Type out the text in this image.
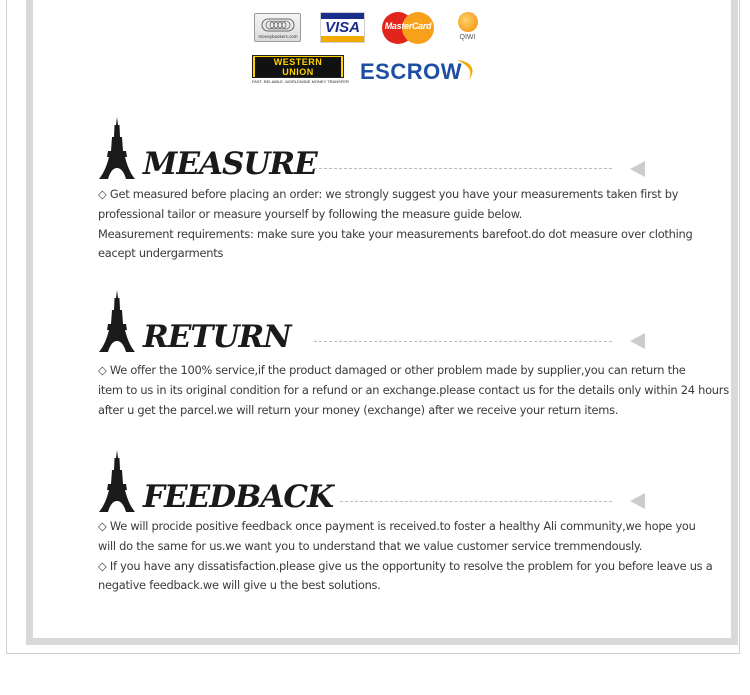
moneybookers.com
VISA	MasterCard
QIWI
WESTERN
UNION
FAST. RELIABLE. WORLDWIDE MONEY TRANSFER ESCROW
MEASURE
◇ Get measured before placing an order: we strongly suggest you have your measurements taken first by
professional tailor or measure yourself by following the measure guide below.
Measurement requirements: make sure you take your measurements barefoot.do dot measure over clothing
eacept undergarments
RETURN
◇ We offer the 100% service,if the product damaged or other problem made by supplier,you can return the
item to us in its original condition for a refund or an exchange.please contact us for the details only within 24 hours
after u get the parcel.we will return your money (exchange) after we receive your return items.
FEEDBACK
◇ We will procide positive feedback once payment is received.to foster a healthy Ali community,we hope you
will do the same for us.we want you to understand that we value customer service tremmendously.
◇ If you have any dissatisfaction.please give us the opportunity to resolve the problem for you before leave us a
negative feedback.we will give u the best solutions.
